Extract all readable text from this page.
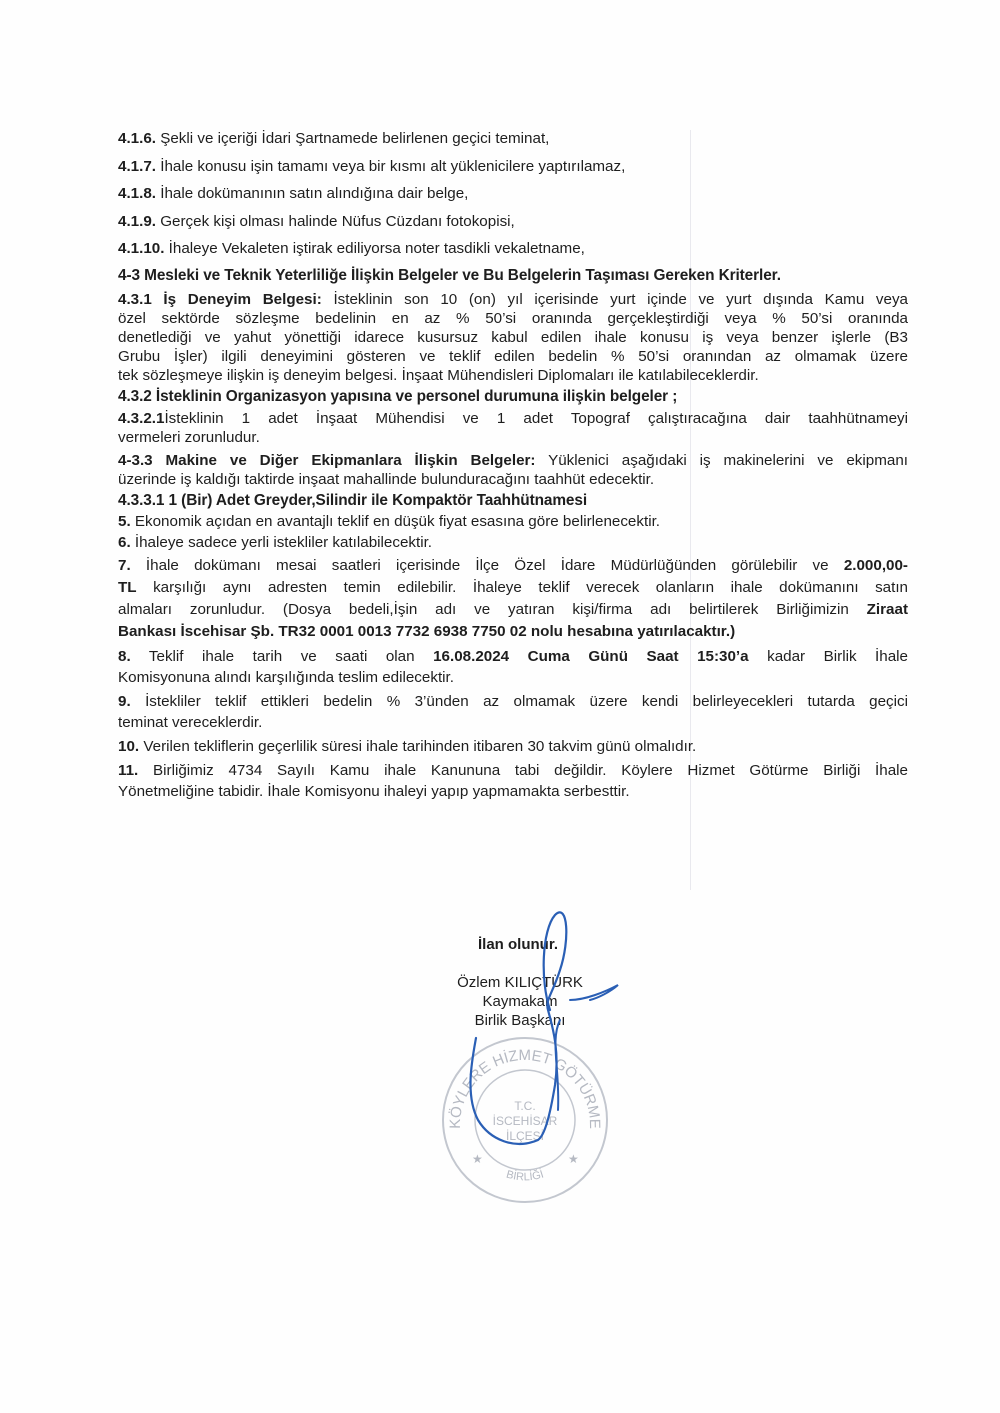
4.1.6. Şekli ve içeriği İdari Şartnamede belirlenen geçici teminat,
4.1.7. İhale konusu işin tamamı veya bir kısmı alt yüklenicilere yaptırılamaz,
4.1.8. İhale dokümanının satın alındığına dair belge,
4.1.9. Gerçek kişi olması halinde Nüfus Cüzdanı fotokopisi,
4.1.10. İhaleye Vekaleten iştirak ediliyorsa noter tasdikli vekaletname,
4-3 Mesleki ve Teknik Yeterliliğe İlişkin Belgeler ve Bu Belgelerin Taşıması Gereken Kriterler.
4.3.1 İş Deneyim Belgesi: İsteklinin son 10 (on) yıl içerisinde yurt içinde ve yurt dışında Kamu veya
özel sektörde sözleşme bedelinin en az % 50’si oranında gerçekleştirdiği veya % 50’si oranında
denetlediği ve yahut yönettiği idarece kusursuz kabul edilen ihale konusu iş veya benzer işlerle (B3
Grubu İşler) ilgili deneyimini gösteren ve teklif edilen bedelin % 50’si oranından az olmamak üzere
tek sözleşmeye ilişkin iş deneyim belgesi. İnşaat Mühendisleri Diplomaları ile katılabileceklerdir.
4.3.2 İsteklinin Organizasyon yapısına ve personel durumuna ilişkin belgeler ;
4.3.2.1İsteklinin 1 adet İnşaat Mühendisi ve 1 adet Topograf çalıştıracağına dair taahhütnameyi
vermeleri zorunludur.
4-3.3 Makine ve Diğer Ekipmanlara İlişkin Belgeler: Yüklenici aşağıdaki iş makinelerini ve ekipmanı
üzerinde iş kaldığı taktirde inşaat mahallinde bulunduracağını taahhüt edecektir.
4.3.3.1 1 (Bir) Adet Greyder,Silindir ile Kompaktör Taahhütnamesi
5. Ekonomik açıdan en avantajlı teklif en düşük fiyat esasına göre belirlenecektir.
6. İhaleye sadece yerli istekliler katılabilecektir.
7. İhale dokümanı mesai saatleri içerisinde İlçe Özel İdare Müdürlüğünden görülebilir ve 2.000,00-
TL karşılığı aynı adresten temin edilebilir. İhaleye teklif verecek olanların ihale dokümanını satın
almaları zorunludur. (Dosya bedeli,İşin adı ve yatıran kişi/firma adı belirtilerek Birliğimizin Ziraat
Bankası İscehisar Şb. TR32 0001 0013 7732 6938 7750 02 nolu hesabına yatırılacaktır.)
8. Teklif ihale tarih ve saati olan 16.08.2024 Cuma Günü Saat 15:30’a kadar Birlik İhale
Komisyonuna alındı karşılığında teslim edilecektir.
9. İstekliler teklif ettikleri bedelin % 3’ünden az olmamak üzere kendi belirleyecekleri tutarda geçici
teminat vereceklerdir.
10. Verilen tekliflerin geçerlilik süresi ihale tarihinden itibaren 30 takvim günü olmalıdır.
11. Birliğimiz 4734 Sayılı Kamu ihale Kanununa tabi değildir. Köylere Hizmet Götürme Birliği İhale
Yönetmeliğine tabidir. İhale Komisyonu ihaleyi yapıp yapmamakta serbesttir.
KÖYLERE HİZMET GÖTÜRME
BİRLİĞİ
T.C.
İSCEHİSAR
İLÇESİ
★	★
İlan olunur.
Özlem KILIÇTÜRK
Kaymakam
Birlik Başkanı
